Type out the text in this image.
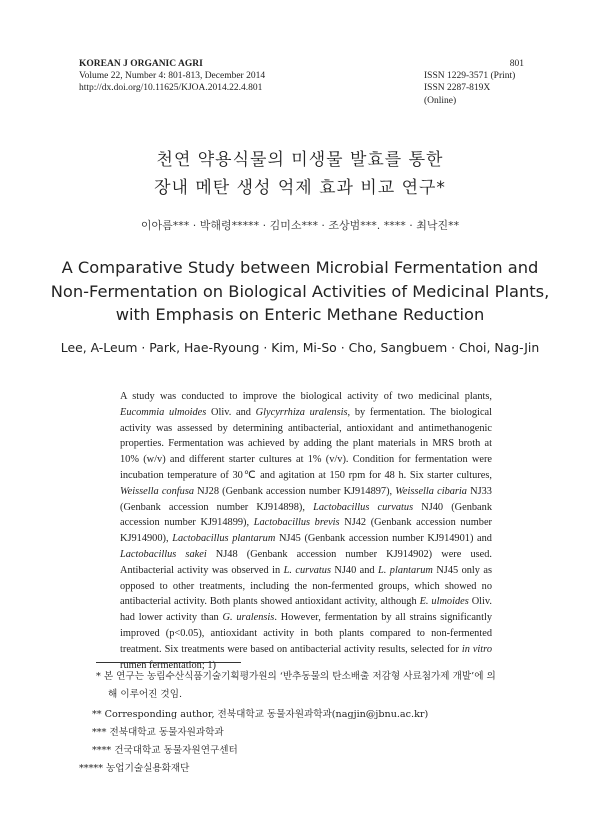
KOREAN J ORGANIC AGRI
Volume 22, Number 4: 801-813, December 2014
http://dx.doi.org/10.11625/KJOA.2014.22.4.801
801
ISSN 1229-3571 (Print)
ISSN 2287-819X (Online)
천연 약용식물의 미생물 발효를 통한
장내 메탄 생성 억제 효과 비교 연구*
이아름*** · 박해령***** · 김미소*** · 조상범***. **** · 최낙진**
A Comparative Study between Microbial Fermentation and
Non-Fermentation on Biological Activities of Medicinal Plants,
with Emphasis on Enteric Methane Reduction
Lee, A-Leum · Park, Hae-Ryoung · Kim, Mi-So · Cho, Sangbuem · Choi, Nag-Jin
A study was conducted to improve the biological activity of two medicinal plants, Eucommia ulmoides Oliv. and Glycyrrhiza uralensis, by fermentation. The biological activity was assessed by determining antibacterial, antioxidant and antimethanogenic properties. Fermentation was achieved by adding the plant materials in MRS broth at 10% (w/v) and different starter cultures at 1% (v/v). Condition for fermentation were incubation temperature of 30℃ and agitation at 150 rpm for 48 h. Six starter cultures, Weissella confusa NJ28 (Genbank accession number KJ914897), Weissella cibaria NJ33 (Genbank accession number KJ914898), Lactobacillus curvatus NJ40 (Genbank accession number KJ914899), Lactobacillus brevis NJ42 (Genbank accession number KJ914900), Lactobacillus plantarum NJ45 (Genbank accession number KJ914901) and Lactobacillus sakei NJ48 (Genbank accession number KJ914902) were used. Antibacterial activity was observed in L. curvatus NJ40 and L. plantarum NJ45 only as opposed to other treatments, including the non-fermented groups, which showed no antibacterial activity. Both plants showed antioxidant activity, although E. ulmoides Oliv. had lower activity than G. uralensis. However, fermentation by all strains significantly improved (p<0.05), antioxidant activity in both plants compared to non-fermented treatment. Six treatments were based on antibacterial activity results, selected for in vitro rumen fermentation; 1)
* 본 연구는 농림수산식품기술기획평가원의 ‘반추동물의 탄소배출 저감형 사료첨가제 개발’에 의
해 이루어진 것임.
** Corresponding author, 전북대학교 동물자원과학과(nagjin@jbnu.ac.kr)
*** 전북대학교 동물자원과학과
**** 건국대학교 동물자원연구센터
***** 농업기술실용화재단
